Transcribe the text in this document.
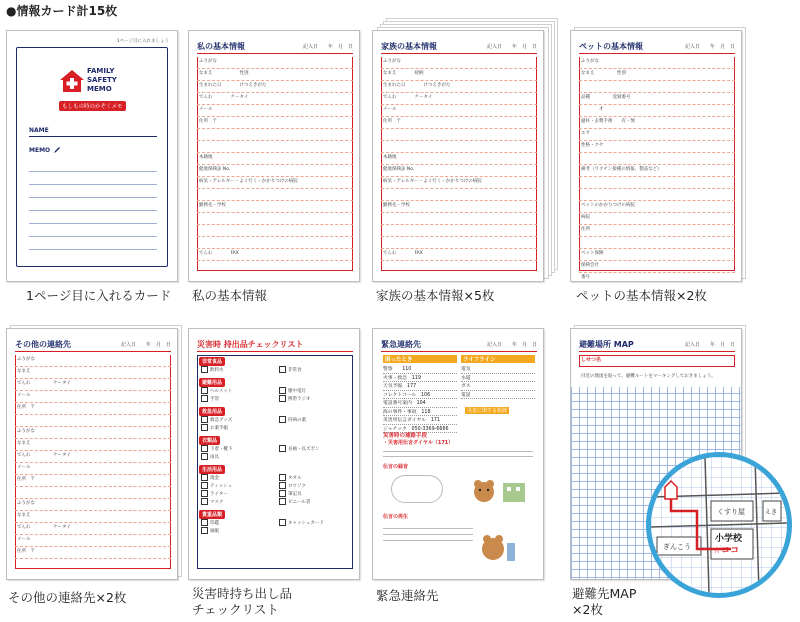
●情報カード計15枚
1ページ目に入れましょう
FAMILY
SAFETY
MEMO
もしもの時のかぞくメモ
NAME
MEMO
1ページ目に入れるカード
私の基本情報	記入日　　年　月　日
ふりがな
なまえ　　　　　　性別
生まれた日　　　　けつえきがた
でんわ　　　　ケータイ
メール
住所　〒
本籍地
健康保険証 No.
病気・アレルギー・よく行く・かかりつけの病院
勤務先・学校
でんわ　　　　FAX
私の基本情報
家族の基本情報	記入日　　年　月　日
ふりがな
なまえ　　　　続柄
生まれた日　　　　けつえきがた
でんわ　　　　ケータイ
メール
住所　〒
本籍地
健康保険証 No.
病気・アレルギー・よく行く・かかりつけの病院
勤務先・学校
でんわ　　　　FAX
家族の基本情報×5枚
ペットの基本情報	記入日　　年　月　日
ふりがな
なまえ　　　　　性別
品種　　　　　登録番号
　　　　才
避妊・去勢手術　　有・無
エサ
性格・クセ
備考（ワクチン接種の情報、製品など）
ペットのかかりつけの病院
病院
住所
ペット保険
保険会社
番号
ペットの基本情報×2枚
その他の連絡先	記入日　　年　月　日
ふりがな
なまえ
でんわ　　　　　ケータイ
メール
住所　〒
ふりがな
なまえ
でんわ　　　　　ケータイ
メール
住所　〒
ふりがな
なまえ
でんわ　　　　　ケータイ
メール
住所　〒
その他の連絡先×2枚
災害時 持出品チェックリスト
非常食品
飲料水	非常食
避難用品
ヘルメット	懐中電灯
手袋	携帯ラジオ
救急用品
救急グッズ	持病の薬
お薬手帳
衣類品
下着・靴下	長袖・長ズボン
雨具
生活用品
現金	タオル
ティッシュ	ロウソク
ライター	筆記具
マスク	ビニール袋
貴重品類
印鑑	キャッシュカード
通帳
災害時持ち出し品
チェックリスト
緊急連絡先	記入日　　年　月　日
困ったとき
警察　　110
火事・救急　119
天気予報　177
コレクトコール　106
電話番号案内　104
海の事件・事故　118
災害用伝言ダイヤル　171
ジャチック　050-3369-6666
ライフライン
電気
水道
ガス
電話
災害に関する相談
災害時の連絡手段
・災害用伝言ダイヤル（171）
伝言の録音
伝言の再生
緊急連絡先
避難場所 MAP	記入日　　年　月　日
しせつ名
付近の地図を貼って、避難ルートをマーキングしておきましょう。
くすり屋	えき
小学校
☆ココ
ぎんこう
避難先MAP
×2枚
